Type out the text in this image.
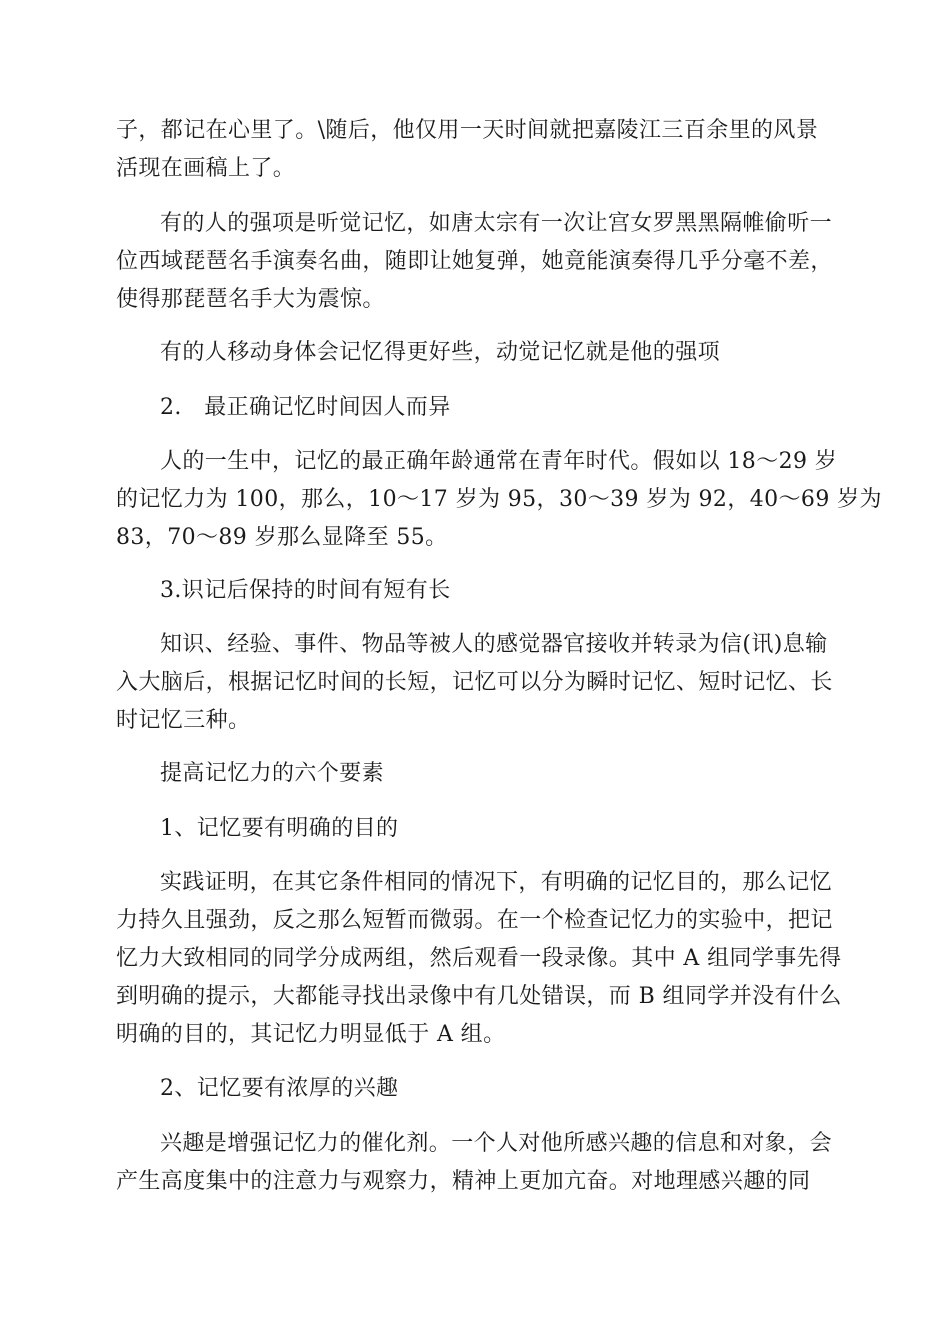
子，都记在心里了。\随后，他仅用一天时间就把嘉陵江三百余里的风景

活现在画稿上了。

有的人的强项是听觉记忆，如唐太宗有一次让宫女罗黑黑隔帷偷听一

位西域琵琶名手演奏名曲，随即让她复弹，她竟能演奏得几乎分毫不差，

使得那琵琶名手大为震惊。

有的人移动身体会记忆得更好些，动觉记忆就是他的强项

2.　最正确记忆时间因人而异

人的一生中，记忆的最正确年龄通常在青年时代。假如以 18～29 岁

的记忆力为 100，那么，10～17 岁为 95，30～39 岁为 92，40～69 岁为

83，70～89 岁那么显降至 55。

3.识记后保持的时间有短有长

知识、经验、事件、物品等被人的感觉器官接收并转录为信(讯)息输

入大脑后，根据记忆时间的长短，记忆可以分为瞬时记忆、短时记忆、长

时记忆三种。

提高记忆力的六个要素

1、记忆要有明确的目的

实践证明，在其它条件相同的情况下，有明确的记忆目的，那么记忆

力持久且强劲，反之那么短暂而微弱。在一个检查记忆力的实验中，把记

忆力大致相同的同学分成两组，然后观看一段录像。其中 A 组同学事先得

到明确的提示，大都能寻找出录像中有几处错误，而 B 组同学并没有什么

明确的目的，其记忆力明显低于 A 组。

2、记忆要有浓厚的兴趣

兴趣是增强记忆力的催化剂。一个人对他所感兴趣的信息和对象，会

产生高度集中的注意力与观察力，精神上更加亢奋。对地理感兴趣的同
